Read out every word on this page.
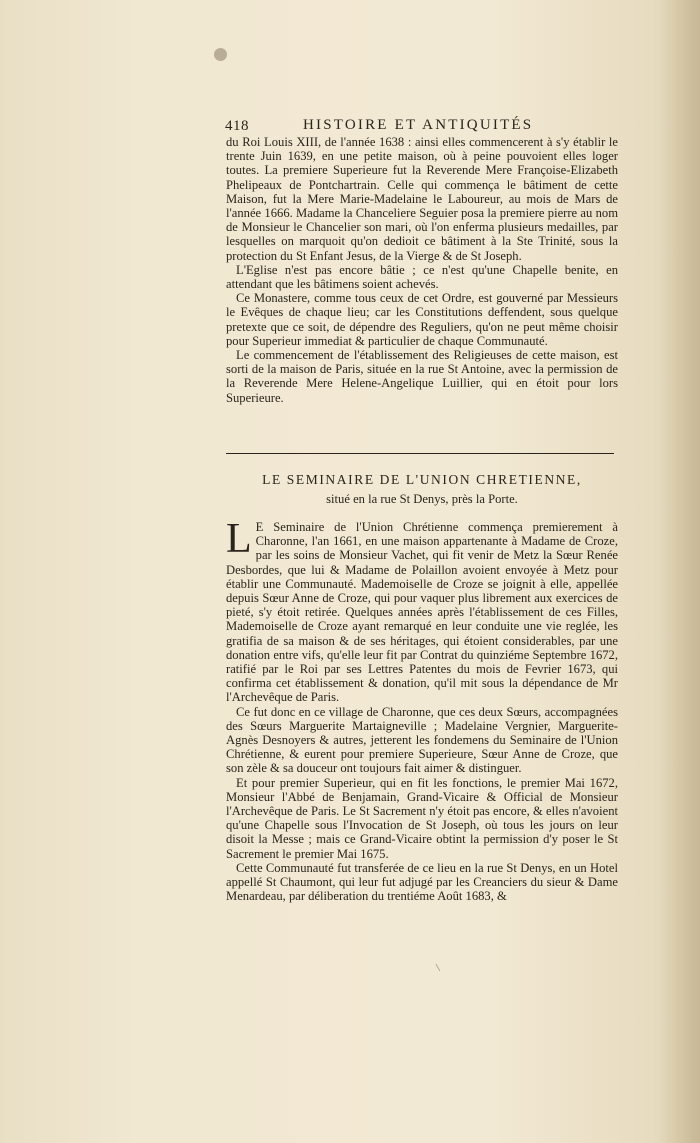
418	HISTOIRE ET ANTIQUITÉS

du Roi Louis XIII, de l'année 1638 : ainsi elles commencerent à s'y établir le trente Juin 1639, en une petite maison, où à peine pouvoient elles loger toutes. La premiere Superieure fut la Reverende Mere Françoise-Elizabeth Phelipeaux de Pontchartrain. Celle qui commença le bâtiment de cette Maison, fut la Mere Marie-Madelaine le Laboureur, au mois de Mars de l'année 1666. Madame la Chanceliere Seguier posa la premiere pierre au nom de Monsieur le Chancelier son mari, où l'on enferma plusieurs medailles, par lesquelles on marquoit qu'on dedioit ce bâtiment à la Ste Trinité, sous la protection du St Enfant Jesus, de la Vierge & de St Joseph.

L'Eglise n'est pas encore bâtie ; ce n'est qu'une Chapelle benite, en attendant que les bâtimens soient achevés.

Ce Monastere, comme tous ceux de cet Ordre, est gouverné par Messieurs le Evêques de chaque lieu; car les Constitutions deffendent, sous quelque pretexte que ce soit, de dépendre des Reguliers, qu'on ne peut même choisir pour Superieur immediat & particulier de chaque Communauté.

Le commencement de l'établissement des Religieuses de cette maison, est sorti de la maison de Paris, située en la rue St Antoine, avec la permission de la Reverende Mere Helene-Angelique Luillier, qui en étoit pour lors Superieure.

LE SEMINAIRE DE L'UNION CHRETIENNE,
situé en la rue St Denys, près la Porte.

L E Seminaire de l'Union Chrétienne commença premierement à Charonne, l'an 1661, en une maison appartenante à Madame de Croze, par les soins de Monsieur Vachet, qui fit venir de Metz la Sœur Renée Desbordes, que lui & Madame de Polaillon avoient envoyée à Metz pour établir une Communauté. Mademoiselle de Croze se joignit à elle, appellée depuis Sœur Anne de Croze, qui pour vaquer plus librement aux exercices de pieté, s'y étoit retirée. Quelques années après l'établissement de ces Filles, Mademoiselle de Croze ayant remarqué en leur conduite une vie reglée, les gratifia de sa maison & de ses héritages, qui étoient considerables, par une donation entre vifs, qu'elle leur fit par Contrat du quinziéme Septembre 1672, ratifié par le Roi par ses Lettres Patentes du mois de Fevrier 1673, qui confirma cet établissement & donation, qu'il mit sous la dépendance de Mr l'Archevêque de Paris.

Ce fut donc en ce village de Charonne, que ces deux Sœurs, accompagnées des Sœurs Marguerite Martaigneville ; Madelaine Vergnier, Marguerite-Agnès Desnoyers & autres, jetterent les fondemens du Seminaire de l'Union Chrétienne, & eurent pour premiere Superieure, Sœur Anne de Croze, que son zèle & sa douceur ont toujours fait aimer & distinguer.

Et pour premier Superieur, qui en fit les fonctions, le premier Mai 1672, Monsieur l'Abbé de Benjamain, Grand-Vicaire & Official de Monsieur l'Archevêque de Paris. Le St Sacrement n'y étoit pas encore, & elles n'avoient qu'une Chapelle sous l'Invocation de St Joseph, où tous les jours on leur disoit la Messe ; mais ce Grand-Vicaire obtint la permission d'y poser le St Sacrement le premier Mai 1675.

Cette Communauté fut transferée de ce lieu en la rue St Denys, en un Hotel appellé St Chaumont, qui leur fut adjugé par les Creanciers du sieur & Dame Menardeau, par déliberation du trentiéme Août 1683, &
